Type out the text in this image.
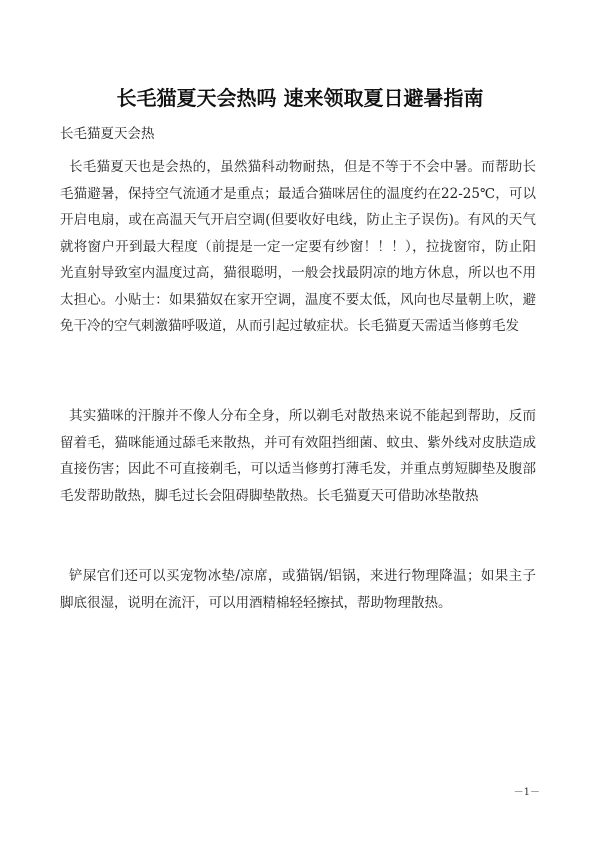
长毛猫夏天会热吗 速来领取夏日避暑指南
长毛猫夏天会热

长毛猫夏天也是会热的，虽然猫科动物耐热，但是不等于不会中暑。而帮助长毛猫避暑，保持空气流通才是重点；最适合猫咪居住的温度约在22-25℃，可以开启电扇，或在高温天气开启空调(但要收好电线，防止主子误伤)。有风的天气就将窗户开到最大程度（前提是一定一定要有纱窗！！！），拉拢窗帘，防止阳光直射导致室内温度过高，猫很聪明，一般会找最阴凉的地方休息，所以也不用太担心。小贴士：如果猫奴在家开空调，温度不要太低，风向也尽量朝上吹，避免干冷的空气刺激猫呼吸道，从而引起过敏症状。长毛猫夏天需适当修剪毛发

其实猫咪的汗腺并不像人分布全身，所以剃毛对散热来说不能起到帮助，反而留着毛，猫咪能通过舔毛来散热，并可有效阻挡细菌、蚊虫、紫外线对皮肤造成直接伤害；因此不可直接剃毛，可以适当修剪打薄毛发，并重点剪短脚垫及腹部毛发帮助散热，脚毛过长会阻碍脚垫散热。长毛猫夏天可借助冰垫散热

铲屎官们还可以买宠物冰垫/凉席，或猫锅/铝锅，来进行物理降温；如果主子脚底很湿，说明在流汗，可以用酒精棉轻轻擦拭，帮助物理散热。

－1－
